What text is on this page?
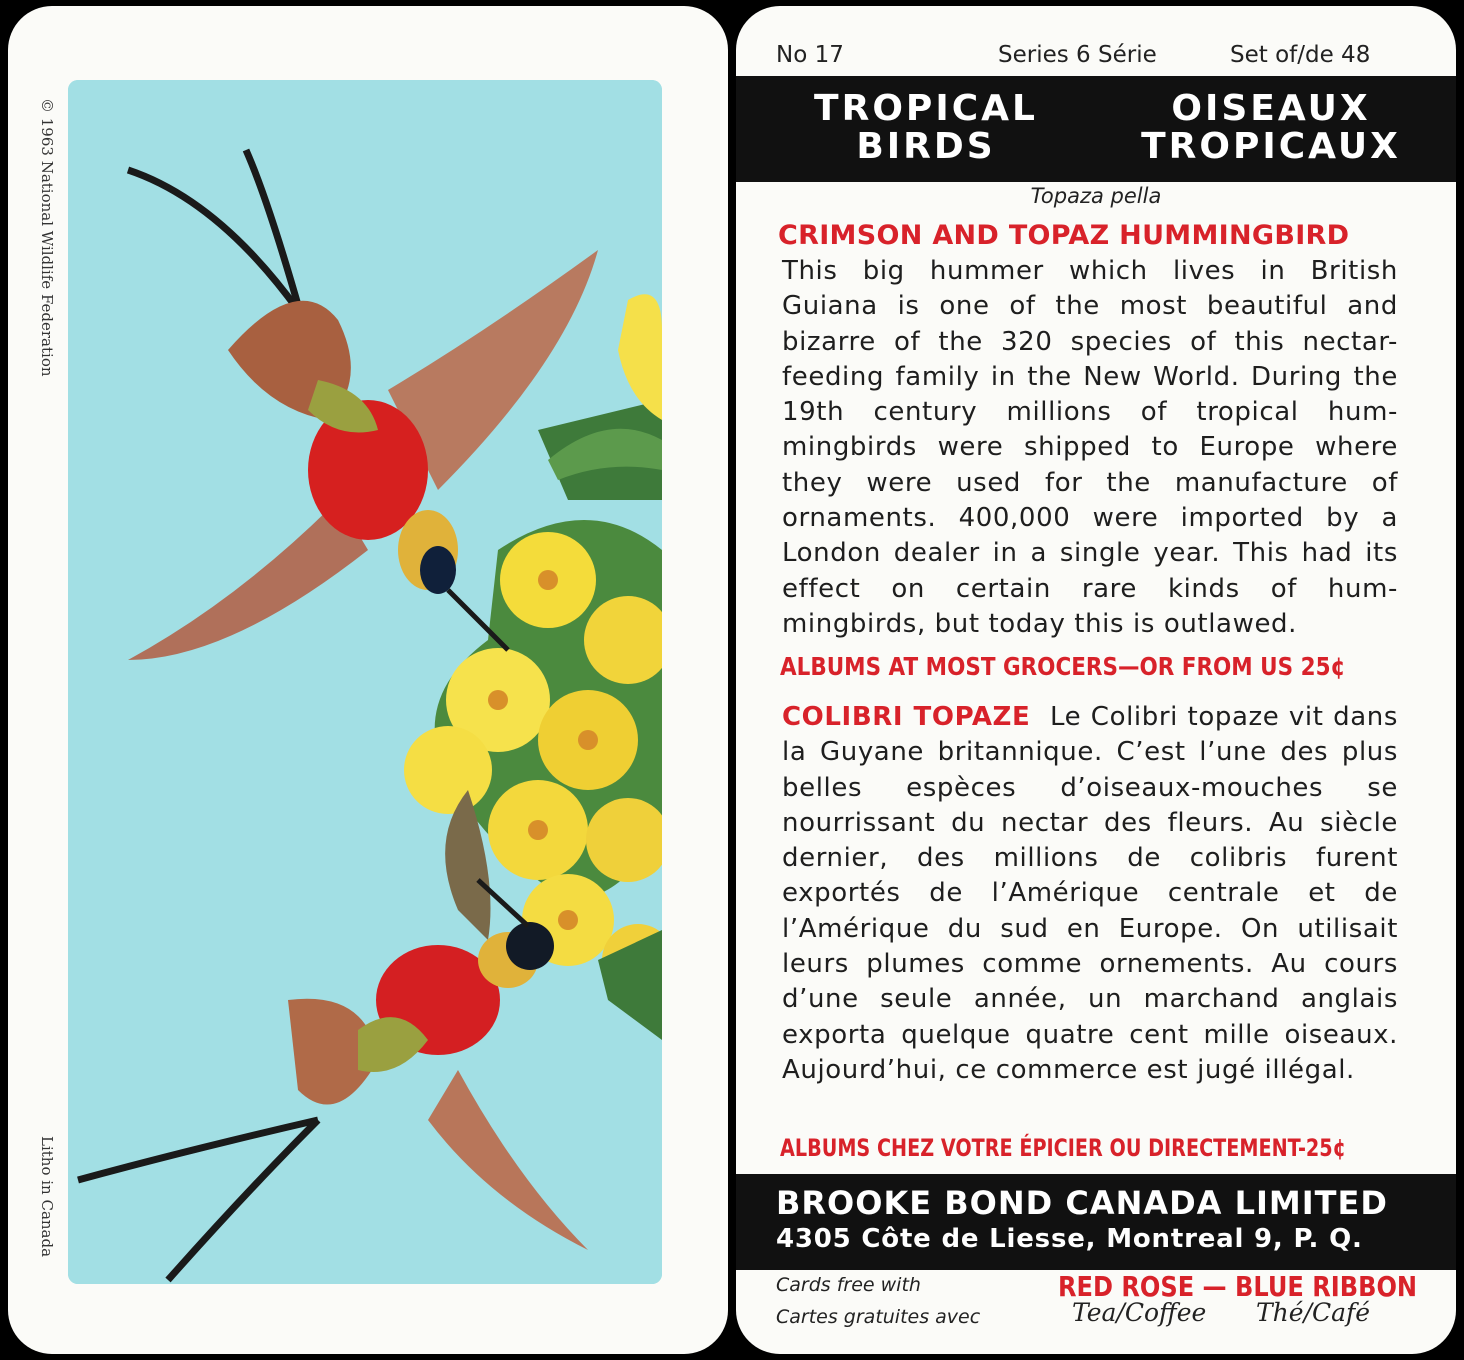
© 1963 National Wildlife Federation
Litho in Canada
No 17	Series 6 Série	Set of/de 48
TROPICAL
BIRDS
OISEAUX
TROPICAUX
Topaza pella
CRIMSON AND TOPAZ HUMMINGBIRD
This big hummer which lives in British Guiana is one of the most beautiful and bizarre of the 320 species of this nectar-feeding family in the New World. During the 19th century millions of tropical hum-mingbirds were shipped to Europe where they were used for the manufacture of ornaments. 400,000 were imported by a London dealer in a single year. This had its effect on certain rare kinds of hum-mingbirds, but today this is outlawed.
ALBUMS AT MOST GROCERS—OR FROM US 25¢
COLIBRI TOPAZE Le Colibri topaze vit dans la Guyane britannique. C’est l’une des plus belles espèces d’oiseaux-mouches se nourrissant du nectar des fleurs. Au siècle dernier, des millions de colibris furent exportés de l’Amérique centrale et de l’Amérique du sud en Europe. On utilisait leurs plumes comme ornements. Au cours d’une seule année, un marchand anglais exporta quelque quatre cent mille oiseaux. Aujourd’hui, ce commerce est jugé illégal.
ALBUMS CHEZ VOTRE ÉPICIER OU DIRECTEMENT-25¢
BROOKE BOND CANADA LIMITED
4305 Côte de Liesse, Montreal 9, P. Q.
Cards free with
Cartes gratuites avec
RED ROSE — BLUE RIBBON
Tea/Coffee Thé/Café
